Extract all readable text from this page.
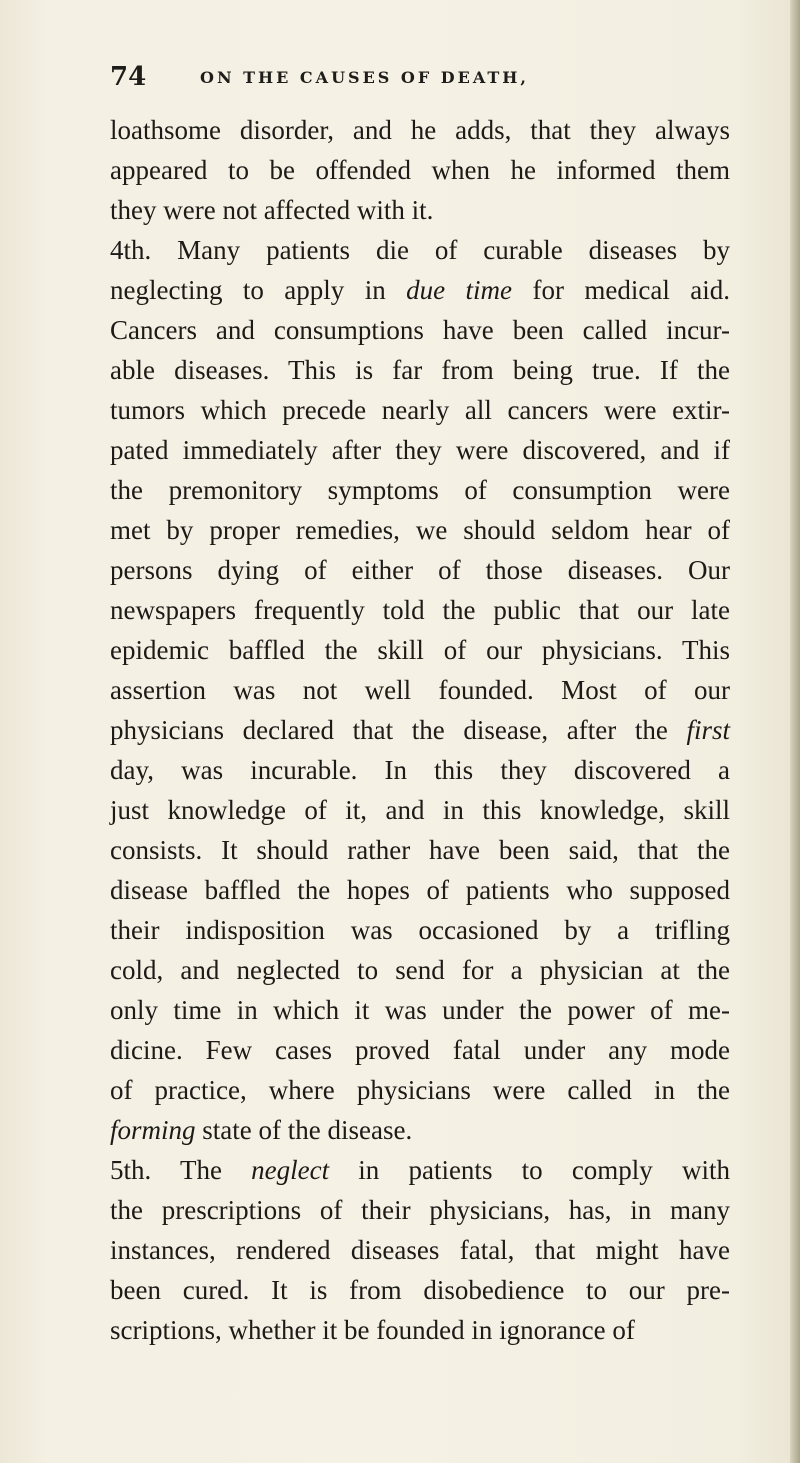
74	ON THE CAUSES OF DEATH,
loathsome disorder, and he adds, that they always
appeared to be offended when he informed them
they were not affected with it.
4th. Many patients die of curable diseases by
neglecting to apply in due time for medical aid.
Cancers and consumptions have been called incur-
able diseases. This is far from being true. If the
tumors which precede nearly all cancers were extir-
pated immediately after they were discovered, and if
the premonitory symptoms of consumption were
met by proper remedies, we should seldom hear of
persons dying of either of those diseases. Our
newspapers frequently told the public that our late
epidemic baffled the skill of our physicians. This
assertion was not well founded. Most of our
physicians declared that the disease, after the first
day, was incurable. In this they discovered a
just knowledge of it, and in this knowledge, skill
consists. It should rather have been said, that the
disease baffled the hopes of patients who supposed
their indisposition was occasioned by a trifling
cold, and neglected to send for a physician at the
only time in which it was under the power of me-
dicine. Few cases proved fatal under any mode
of practice, where physicians were called in the
forming state of the disease.
5th. The neglect in patients to comply with
the prescriptions of their physicians, has, in many
instances, rendered diseases fatal, that might have
been cured. It is from disobedience to our pre-
scriptions, whether it be founded in ignorance of
